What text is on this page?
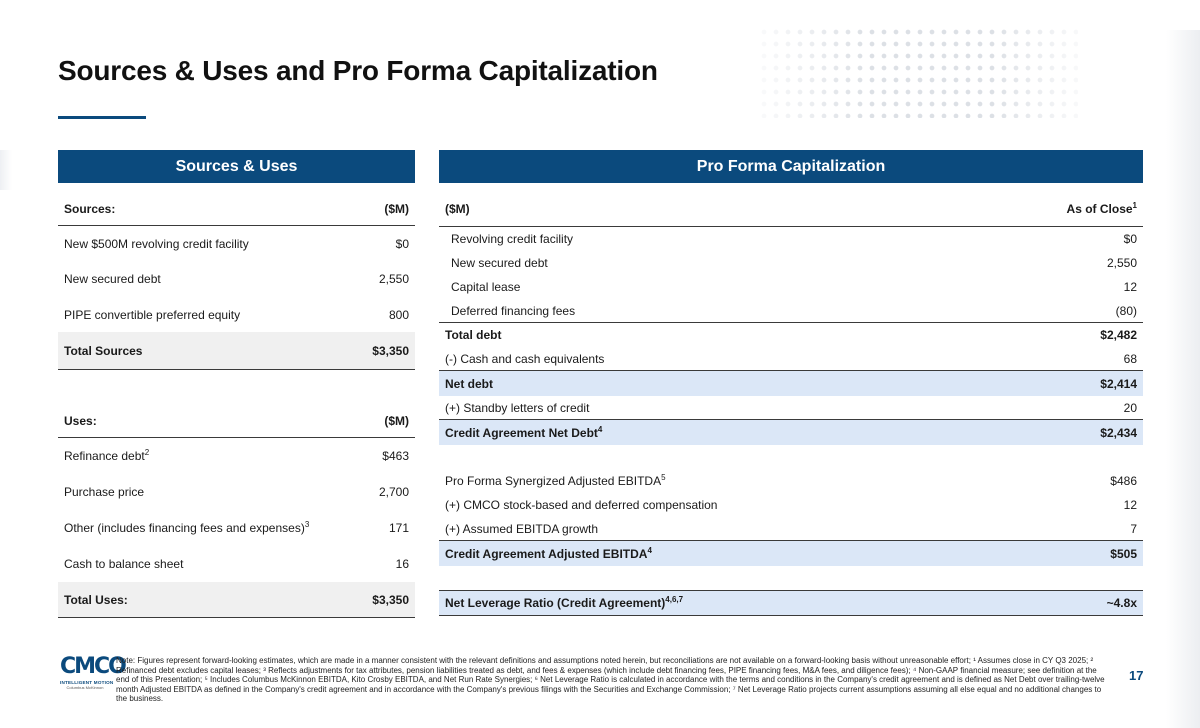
Sources & Uses and Pro Forma Capitalization
Sources & Uses
Sources:	($M)
New $500M revolving credit facility	$0
New secured debt	2,550
PIPE convertible preferred equity	800
Total Sources	$3,350
Uses:	($M)
Refinance debt$^2$	$463
Purchase price	2,700
Other (includes financing fees and expenses)$^3$	171
Cash to balance sheet	16
Total Uses:	$3,350
Pro Forma Capitalization
($M)	As of Close$^1$
Revolving credit facility	$0
New secured debt	2,550
Capital lease	12
Deferred financing fees	(80)
Total debt	$2,482
(-) Cash and cash equivalents	68
Net debt	$2,414
(+) Standby letters of credit	20
Credit Agreement Net Debt$^4$	$2,434
Pro Forma Synergized Adjusted EBITDA$^5$	$486
(+) CMCO stock-based and deferred compensation	12
(+) Assumed EBITDA growth	7
Credit Agreement Adjusted EBITDA$^4$	$505
Net Leverage Ratio (Credit Agreement)$^{4,6,7}$	~4.8x
CMCO
INTELLIGENT MOTION
Columbus McKinnon
Note: Figures represent forward-looking estimates, which are made in a manner consistent with the relevant definitions and assumptions noted herein, but reconciliations are not available on a forward-looking basis without unreasonable effort; ¹ Assumes close in CY Q3 2025; ² Refinanced debt excludes capital leases; ³ Reflects adjustments for tax attributes, pension liabilities treated as debt, and fees & expenses (which include debt financing fees, PIPE financing fees, M&A fees, and diligence fees); ⁴ Non-GAAP financial measure; see definition at the end of this Presentation; ⁵ Includes Columbus McKinnon EBITDA, Kito Crosby EBITDA, and Net Run Rate Synergies; ⁶ Net Leverage Ratio is calculated in accordance with the terms and conditions in the Company's credit agreement and is defined as Net Debt over trailing-twelve month Adjusted EBITDA as defined in the Company's credit agreement and in accordance with the Company's previous filings with the Securities and Exchange Commission; ⁷ Net Leverage Ratio projects current assumptions assuming all else equal and no additional changes to the business.
17
